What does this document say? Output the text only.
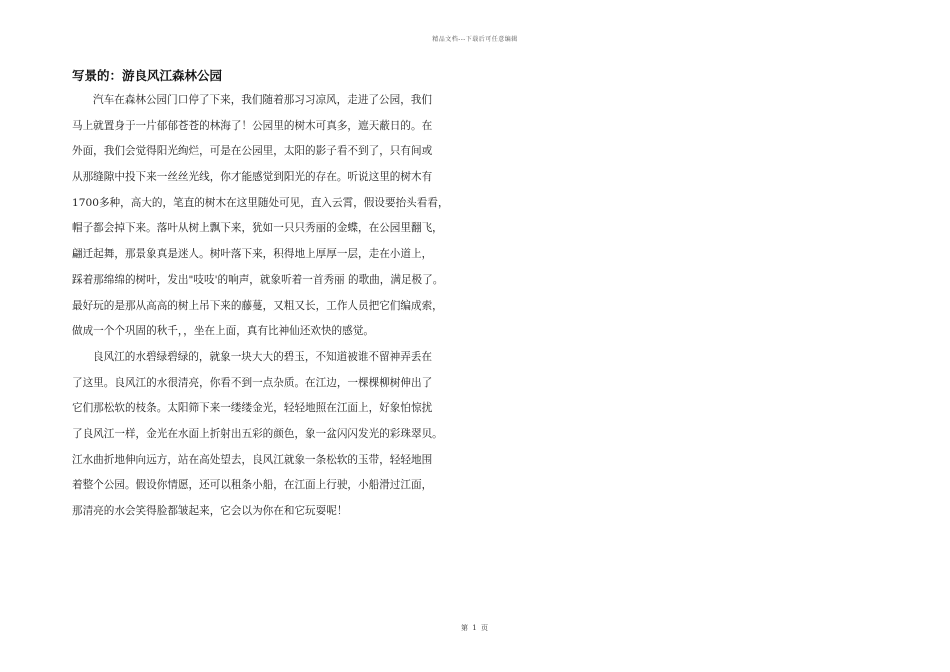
精品文档---下载后可任意编辑
写景的：游良风江森林公园
汽车在森林公园门口停了下来，我们随着那习习凉风，走进了公园，我们
马上就置身于一片郁郁苍苍的林海了！公园里的树木可真多，遮天蔽日的。在
外面，我们会觉得阳光绚烂，可是在公园里，太阳的影子看不到了，只有间或
从那缝隙中投下来一丝丝光线，你才能感觉到阳光的存在。听说这里的树木有
1700多种，高大的，笔直的树木在这里随处可见，直入云霄，假设要抬头看看，
帽子都会掉下来。落叶从树上飘下来，犹如一只只秀丽的金蝶，在公园里翻飞，
翩迁起舞，那景象真是迷人。树叶落下来，积得地上厚厚一层，走在小道上，
踩着那绵绵的树叶，发出"吱吱'的响声，就象听着一首秀丽 的歌曲，满足极了。
最好玩的是那从高高的树上吊下来的藤蔓，又粗又长，工作人员把它们编成索，
做成一个个巩固的秋千，，坐在上面，真有比神仙还欢快的感觉。
良风江的水碧绿碧绿的，就象一块大大的碧玉，不知道被谁不留神弄丢在
了这里。良风江的水很清亮，你看不到一点杂质。在江边，一棵棵柳树伸出了
它们那松软的枝条。太阳筛下来一缕缕金光，轻轻地照在江面上，好象怕惊扰
了良风江一样，金光在水面上折射出五彩的颜色，象一盆闪闪发光的彩珠翠贝。
江水曲折地伸向远方，站在高处望去，良风江就象一条松软的玉带，轻轻地围
着整个公园。假设你情愿，还可以租条小船，在江面上行驶，小船滑过江面，
那清亮的水会笑得脸都皱起来，它会以为你在和它玩耍呢！
第 1 页
